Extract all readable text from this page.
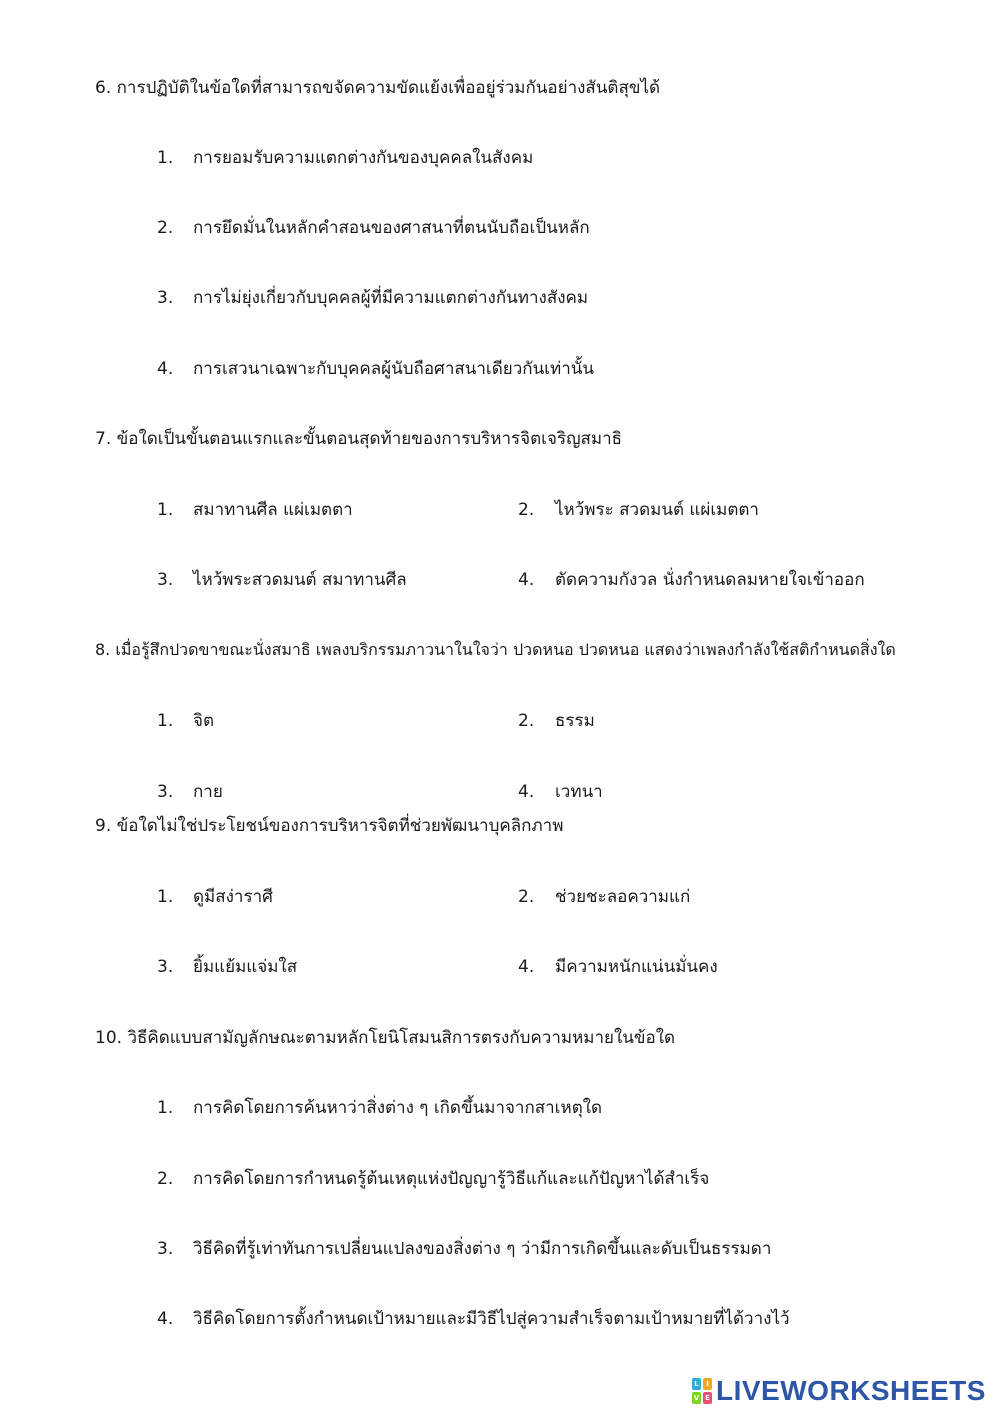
6. การปฏิบัติในข้อใดที่สามารถขจัดความขัดแย้งเพื่ออยู่ร่วมกันอย่างสันติสุขได้
1. การยอมรับความแตกต่างกันของบุคคลในสังคม
2. การยึดมั่นในหลักคำสอนของศาสนาที่ตนนับถือเป็นหลัก
3. การไม่ยุ่งเกี่ยวกับบุคคลผู้ที่มีความแตกต่างกันทางสังคม
4. การเสวนาเฉพาะกับบุคคลผู้นับถือศาสนาเดียวกันเท่านั้น
7. ข้อใดเป็นขั้นตอนแรกและขั้นตอนสุดท้ายของการบริหารจิตเจริญสมาธิ
1. สมาทานศีล แผ่เมตตา	2. ไหว้พระ สวดมนต์ แผ่เมตตา
3. ไหว้พระสวดมนต์ สมาทานศีล	4. ตัดความกังวล นั่งกำหนดลมหายใจเข้าออก
8. เมื่อรู้สึกปวดขาขณะนั่งสมาธิ เพลงบริกรรมภาวนาในใจว่า ปวดหนอ ปวดหนอ แสดงว่าเพลงกำลังใช้สติกำหนดสิ่งใด
1. จิต	2. ธรรม
3. กาย	4. เวทนา
9. ข้อใดไม่ใช่ประโยชน์ของการบริหารจิตที่ช่วยพัฒนาบุคลิกภาพ
1. ดูมีสง่าราศี	2. ช่วยชะลอความแก่
3. ยิ้มแย้มแจ่มใส	4. มีความหนักแน่นมั่นคง
10. วิธีคิดแบบสามัญลักษณะตามหลักโยนิโสมนสิการตรงกับความหมายในข้อใด
1. การคิดโดยการค้นหาว่าสิ่งต่าง ๆ เกิดขึ้นมาจากสาเหตุใด
2. การคิดโดยการกำหนดรู้ต้นเหตุแห่งปัญญารู้วิธีแก้และแก้ปัญหาได้สำเร็จ
3. วิธีคิดที่รู้เท่าทันการเปลี่ยนแปลงของสิ่งต่าง ๆ ว่ามีการเกิดขึ้นและดับเป็นธรรมดา
4. วิธีคิดโดยการตั้งกำหนดเป้าหมายและมีวิธีไปสู่ความสำเร็จตามเป้าหมายที่ได้วางไว้
L	I
V E LIVEWORKSHEETS
